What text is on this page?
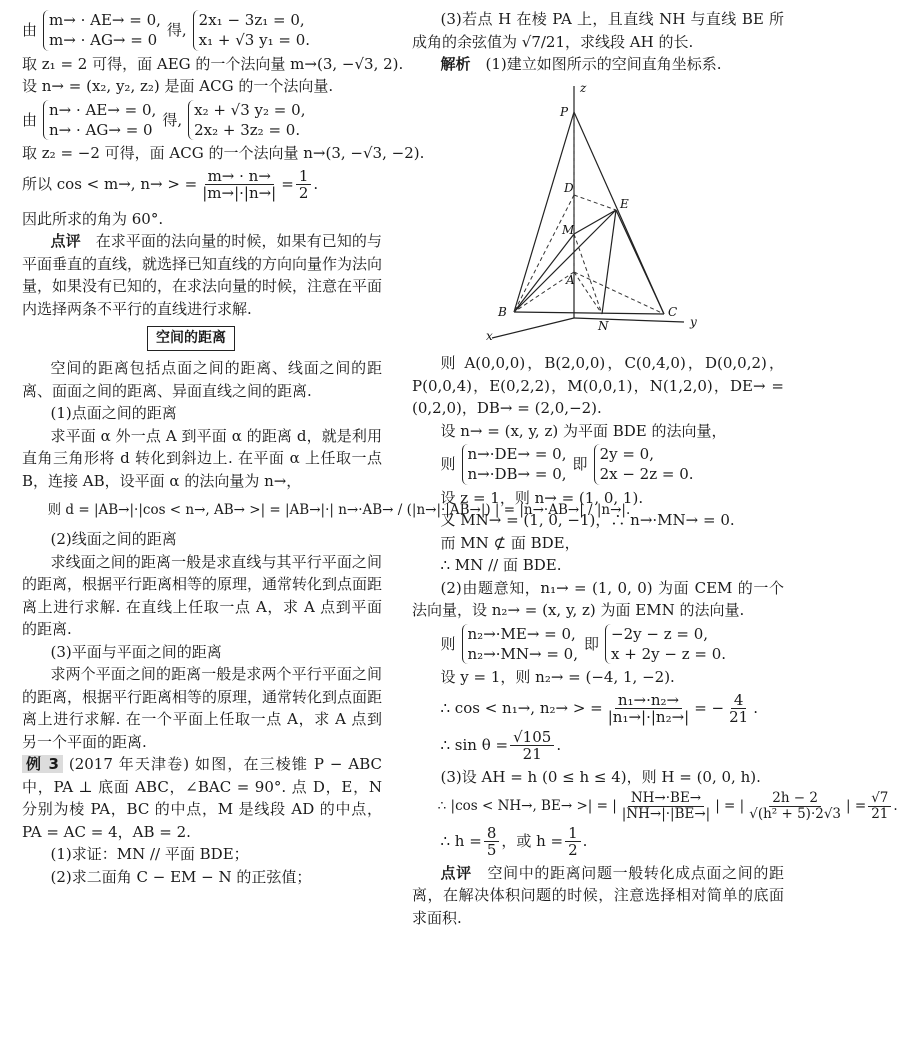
由
m→ · AE→ = 0,
m→ · AG→ = 0
得,
2x₁ − 3z₁ = 0,
x₁ + √3 y₁ = 0.

取 z₁ = 2 可得，面 AEG 的一个法向量 m→(3, −√3, 2).

设 n→ = (x₂, y₂, z₂) 是面 ACG 的一个法向量.

由
n→ · AE→ = 0,
n→ · AG→ = 0
得,
x₂ + √3 y₂ = 0,
2x₂ + 3z₂ = 0.

取 z₂ = −2 可得，面 ACG 的一个法向量 n→(3, −√3, −2).

所以 cos < m→, n→ > = $\frac{m\to \cdot n\to}{|m\to|\cdot|n\to|} = \frac{1}{2}$ .

因此所求的角为 60°.

点评　 在求平面的法向量的时候，如果有已知的与平面垂直的直线，就选择已知直线的方向向量作为法向量，如果没有已知的，在求法向量的时候，注意在平面内选择两条不平行的直线进行求解.

空间的距离

空间的距离包括点面之间的距离、线面之间的距离、面面之间的距离、异面直线之间的距离.

(1)点面之间的距离

求平面 α 外一点 A 到平面 α 的距离 d，就是利用直角三角形将 d 转化到斜边上. 在平面 α 上任取一点 B，连接 AB，设平面 α 的法向量为 n→，

则 d = |AB→|·|cos < n→, AB→ >| = |AB→|·| n→·AB→ / (|n→|·|AB→|) | = |n→·AB→| / |n→|.

(2)线面之间的距离

求线面之间的距离一般是求直线与其平行平面之间的距离，根据平行距离相等的原理，通常转化到点面距离上进行求解. 在直线上任取一点 A，求 A 点到平面的距离.

(3)平面与平面之间的距离

求两个平面之间的距离一般是求两个平行平面之间的距离，根据平行距离相等的原理，通常转化到点面距离上进行求解. 在一个平面上任取一点 A，求 A 点到另一个平面的距离.

例 3 (2017 年天津卷) 如图，在三棱锥 P − ABC 中，PA ⊥ 底面 ABC，∠BAC = 90°. 点 D，E，N 分别为棱 PA，BC 的中点，M 是线段 AD 的中点，PA = AC = 4，AB = 2.

(1)求证：MN // 平面 BDE；

(2)求二面角 C − EM − N 的正弦值；

(3)若点 H 在棱 PA 上，且直线 NH 与直线 BE 所成角的余弦值为 √7/21，求线段 AH 的长.

解析　 (1)建立如图所示的空间直角坐标系.

P
D
E
M
A
B
N
C
x
y
z

则 A(0,0,0)，B(2,0,0)，C(0,4,0)，D(0,0,2)，P(0,0,4)，E(0,2,2)，M(0,0,1)，N(1,2,0)，DE→ = (0,2,0)，DB→ = (2,0,−2).

设 n→ = (x, y, z) 为平面 BDE 的法向量，

则
n→·DE→ = 0,
n→·DB→ = 0,
即
2y = 0,
2x − 2z = 0.

设 z = 1，则 n→ = (1, 0, 1).

又 MN→ = (1, 0, −1)，∴ n→·MN→ = 0.

而 MN ⊄ 面 BDE，

∴ MN // 面 BDE.

(2)由题意知，n₁→ = (1, 0, 0) 为面 CEM 的一个法向量，设 n₂→ = (x, y, z) 为面 EMN 的法向量.

则
n₂→·ME→ = 0,
n₂→·MN→ = 0,
即
−2y − z = 0,
x + 2y − z = 0.

设 y = 1，则 n₂→ = (−4, 1, −2).

∴ cos < n₁→, n₂→ > = $\frac{\text{n₁→·n₂→}}{\text{|n₁→|·|n₂→|}}$ = − $\frac{4}{21}$ .
∴ $\sin \theta = \frac{√105}{21}$ .

(3)设 AH = h (0 ≤ h ≤ 4)，则 H = (0, 0, h).

∴ |cos < NH→, BE→ >| = | $\frac{NH\to\cdot BE\to}{|NH\to|\cdot|BE\to|}$ | = | $\frac{2h - 2}{\text{√(h² + 5)·2√3}}$ | = $\frac{√7}{21}$ .
∴ $h = \frac{8}{5}$ ，或 $h = \frac{1}{2}$ .

点评　 空间中的距离问题一般转化成点面之间的距离，在解决体积问题的时候，注意选择相对简单的底面求面积.
